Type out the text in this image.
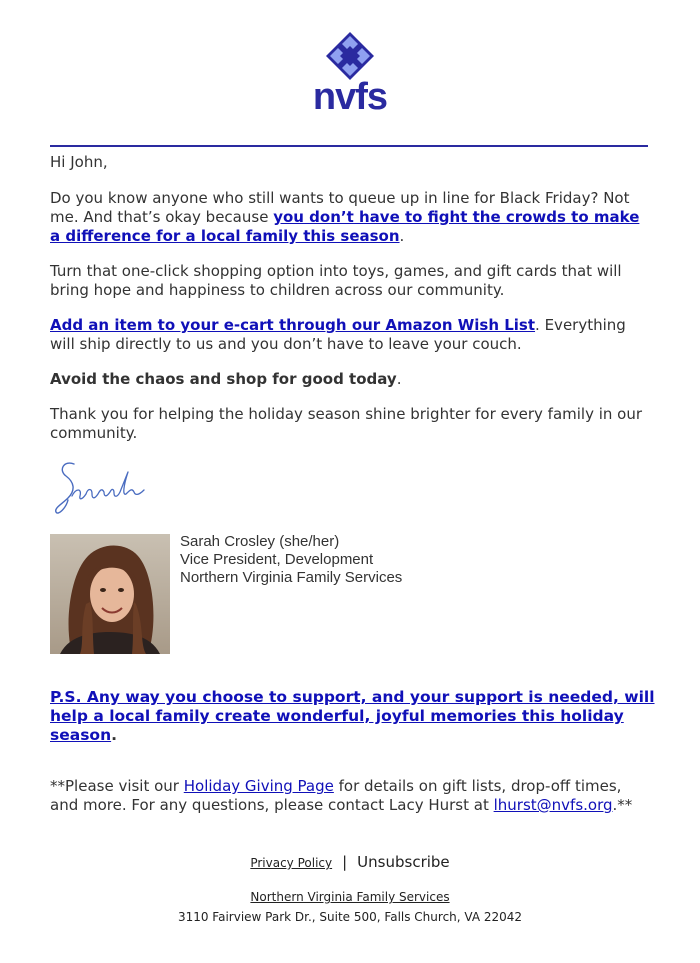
nvfs
Hi John,
Do you know anyone who still wants to queue up in line for Black Friday? Not me. And that’s okay because you don’t have to fight the crowds to make a difference for a local family this season.
Turn that one-click shopping option into toys, games, and gift cards that will bring hope and happiness to children across our community.
Add an item to your e-cart through our Amazon Wish List. Everything will ship directly to us and you don’t have to leave your couch.
Avoid the chaos and shop for good today.
Thank you for helping the holiday season shine brighter for every family in our community.
Sarah Crosley (she/her)
Vice President, Development
Northern Virginia Family Services
P.S. Any way you choose to support, and your support is needed, will help a local family create wonderful, joyful memories this holiday season.
**Please visit our Holiday Giving Page for details on gift lists, drop-off times, and more. For any questions, please contact Lacy Hurst at lhurst@nvfs.org.**
Privacy Policy | Unsubscribe
Northern Virginia Family Services
3110 Fairview Park Dr., Suite 500, Falls Church, VA 22042
